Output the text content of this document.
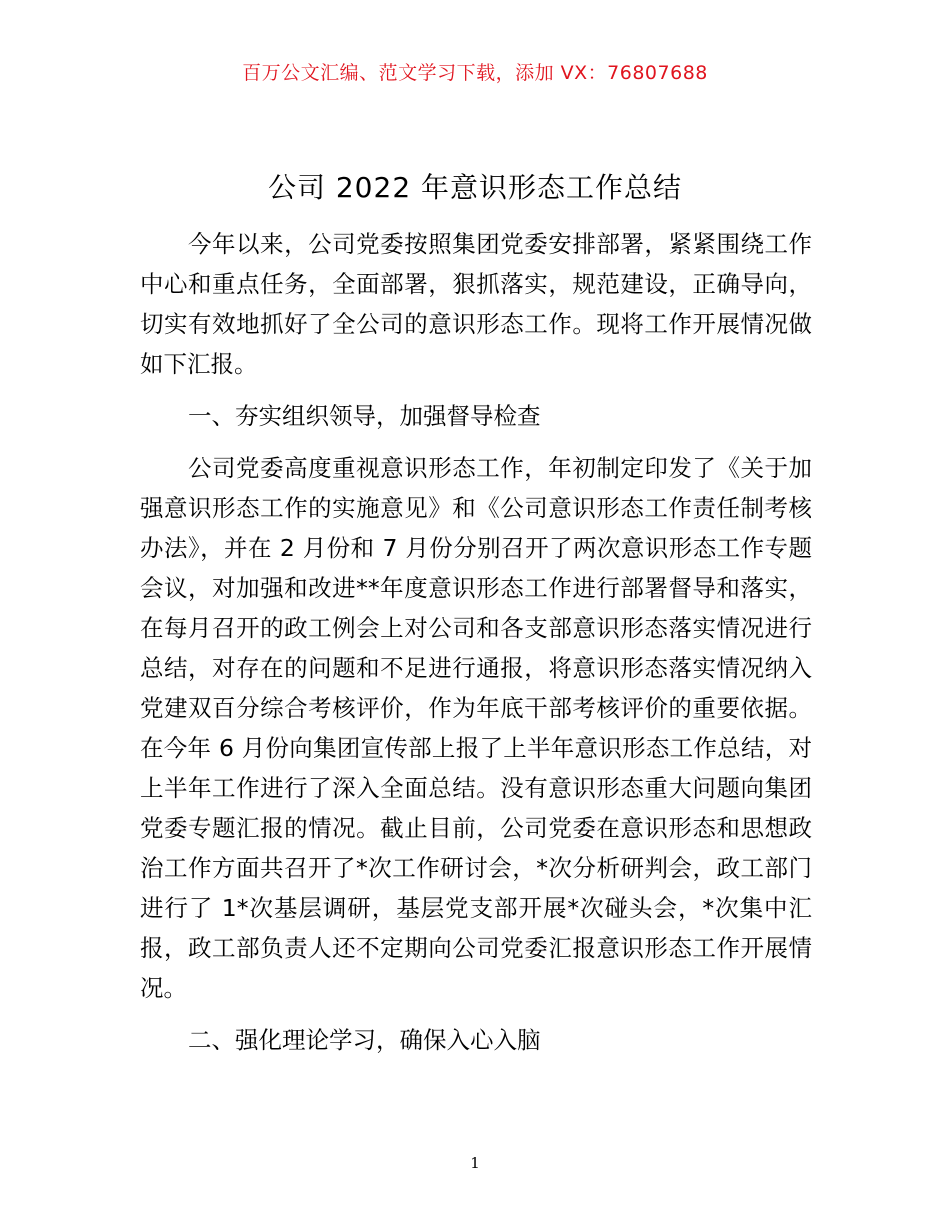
百万公文汇编、范文学习下载，添加 VX：76807688
公司 2022 年意识形态工作总结

今年以来，公司党委按照集团党委安排部署，紧紧围绕工作中心和重点任务，全面部署，狠抓落实，规范建设，正确导向，切实有效地抓好了全公司的意识形态工作。现将工作开展情况做如下汇报。

一、夯实组织领导，加强督导检查

公司党委高度重视意识形态工作，年初制定印发了《关于加强意识形态工作的实施意见》和《公司意识形态工作责任制考核办法》，并在 2 月份和 7 月份分别召开了两次意识形态工作专题会议，对加强和改进**年度意识形态工作进行部署督导和落实，在每月召开的政工例会上对公司和各支部意识形态落实情况进行总结，对存在的问题和不足进行通报，将意识形态落实情况纳入党建双百分综合考核评价，作为年底干部考核评价的重要依据。在今年 6 月份向集团宣传部上报了上半年意识形态工作总结，对上半年工作进行了深入全面总结。没有意识形态重大问题向集团党委专题汇报的情况。截止目前，公司党委在意识形态和思想政治工作方面共召开了*次工作研讨会，*次分析研判会，政工部门进行了 1*次基层调研，基层党支部开展*次碰头会，*次集中汇报，政工部负责人还不定期向公司党委汇报意识形态工作开展情况。

二、强化理论学习，确保入心入脑

1
